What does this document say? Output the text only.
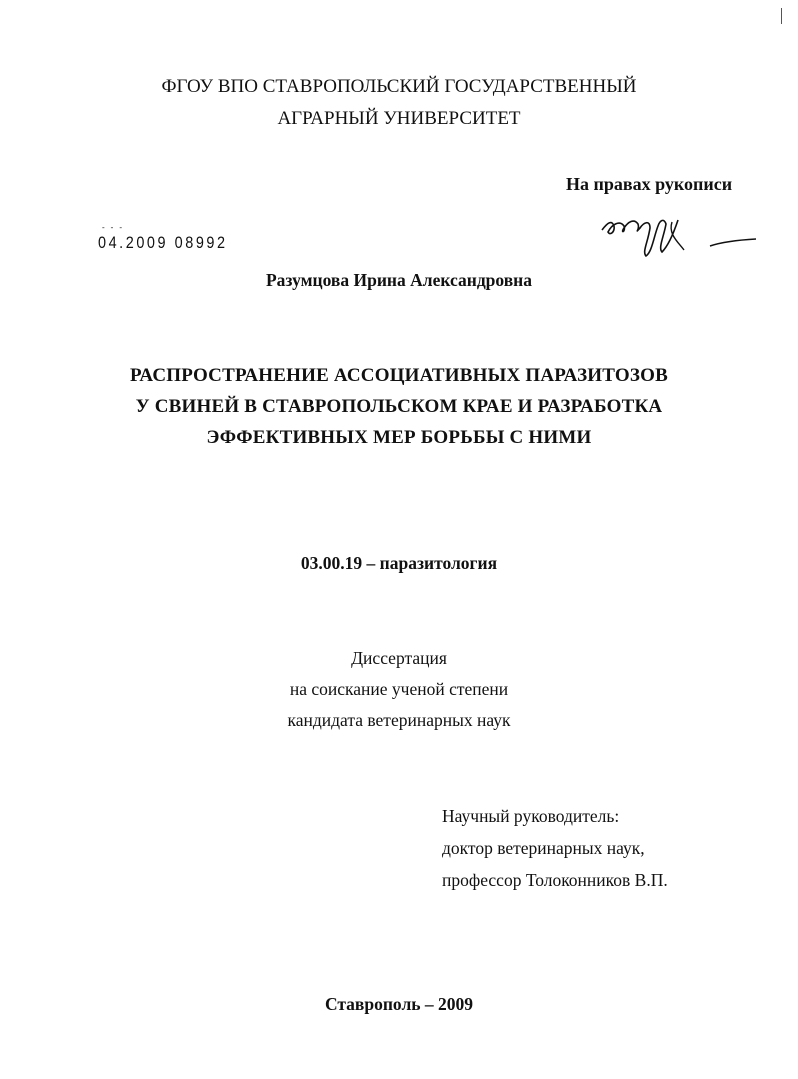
ФГОУ ВПО СТАВРОПОЛЬСКИЙ ГОСУДАРСТВЕННЫЙ
АГРАРНЫЙ УНИВЕРСИТЕТ
На правах рукописи
- - -
04.2009 08992
Разумцова Ирина Александровна
РАСПРОСТРАНЕНИЕ АССОЦИАТИВНЫХ ПАРАЗИТОЗОВ
У СВИНЕЙ В СТАВРОПОЛЬСКОМ КРАЕ И РАЗРАБОТКА
ЭФФЕКТИВНЫХ МЕР БОРЬБЫ С НИМИ
03.00.19 – паразитология
Диссертация
на соискание ученой степени
кандидата ветеринарных наук
Научный руководитель:
доктор ветеринарных наук,
профессор Толоконников В.П.
Ставрополь – 2009
